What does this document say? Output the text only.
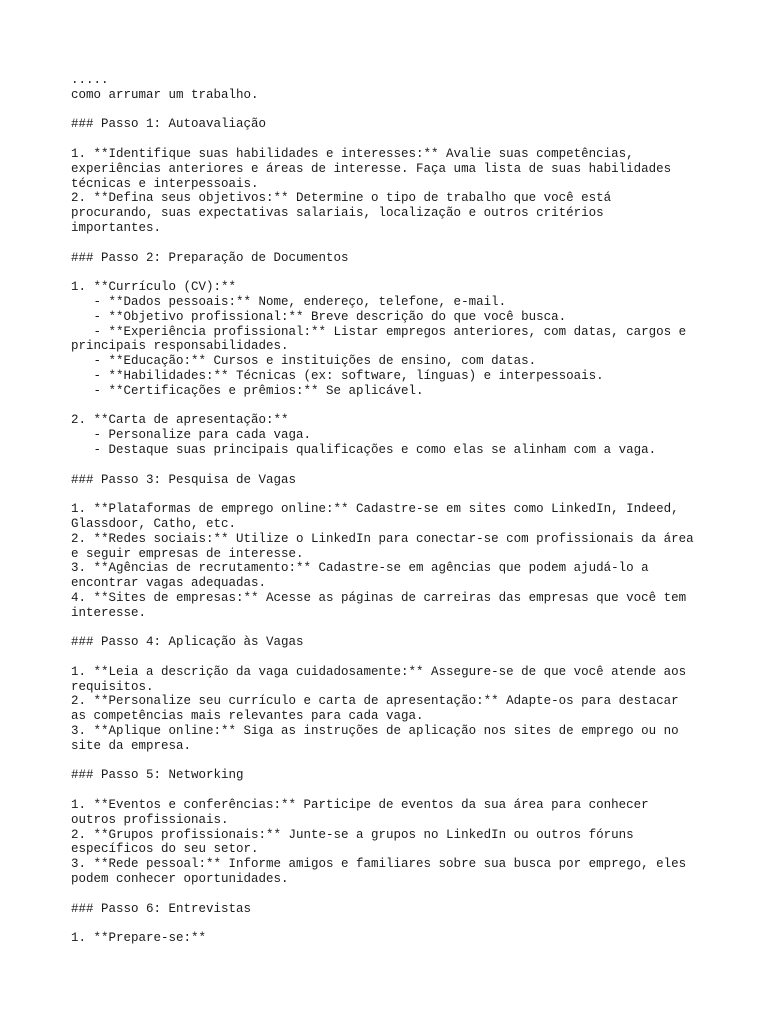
.....
como arrumar um trabalho.
### Passo 1: Autoavaliação
1. **Identifique suas habilidades e interesses:** Avalie suas competências,
experiências anteriores e áreas de interesse. Faça uma lista de suas habilidades
técnicas e interpessoais.
2. **Defina seus objetivos:** Determine o tipo de trabalho que você está
procurando, suas expectativas salariais, localização e outros critérios
importantes.
### Passo 2: Preparação de Documentos
1. **Currículo (CV):**
- **Dados pessoais:** Nome, endereço, telefone, e-mail.
- **Objetivo profissional:** Breve descrição do que você busca.
- **Experiência profissional:** Listar empregos anteriores, com datas, cargos e
principais responsabilidades.
- **Educação:** Cursos e instituições de ensino, com datas.
- **Habilidades:** Técnicas (ex: software, línguas) e interpessoais.
- **Certificações e prêmios:** Se aplicável.
2. **Carta de apresentação:**
- Personalize para cada vaga.
- Destaque suas principais qualificações e como elas se alinham com a vaga.
### Passo 3: Pesquisa de Vagas
1. **Plataformas de emprego online:** Cadastre-se em sites como LinkedIn, Indeed,
Glassdoor, Catho, etc.
2. **Redes sociais:** Utilize o LinkedIn para conectar-se com profissionais da área
e seguir empresas de interesse.
3. **Agências de recrutamento:** Cadastre-se em agências que podem ajudá-lo a
encontrar vagas adequadas.
4. **Sites de empresas:** Acesse as páginas de carreiras das empresas que você tem
interesse.
### Passo 4: Aplicação às Vagas
1. **Leia a descrição da vaga cuidadosamente:** Assegure-se de que você atende aos
requisitos.
2. **Personalize seu currículo e carta de apresentação:** Adapte-os para destacar
as competências mais relevantes para cada vaga.
3. **Aplique online:** Siga as instruções de aplicação nos sites de emprego ou no
site da empresa.
### Passo 5: Networking
1. **Eventos e conferências:** Participe de eventos da sua área para conhecer
outros profissionais.
2. **Grupos profissionais:** Junte-se a grupos no LinkedIn ou outros fóruns
específicos do seu setor.
3. **Rede pessoal:** Informe amigos e familiares sobre sua busca por emprego, eles
podem conhecer oportunidades.
### Passo 6: Entrevistas
1. **Prepare-se:**
